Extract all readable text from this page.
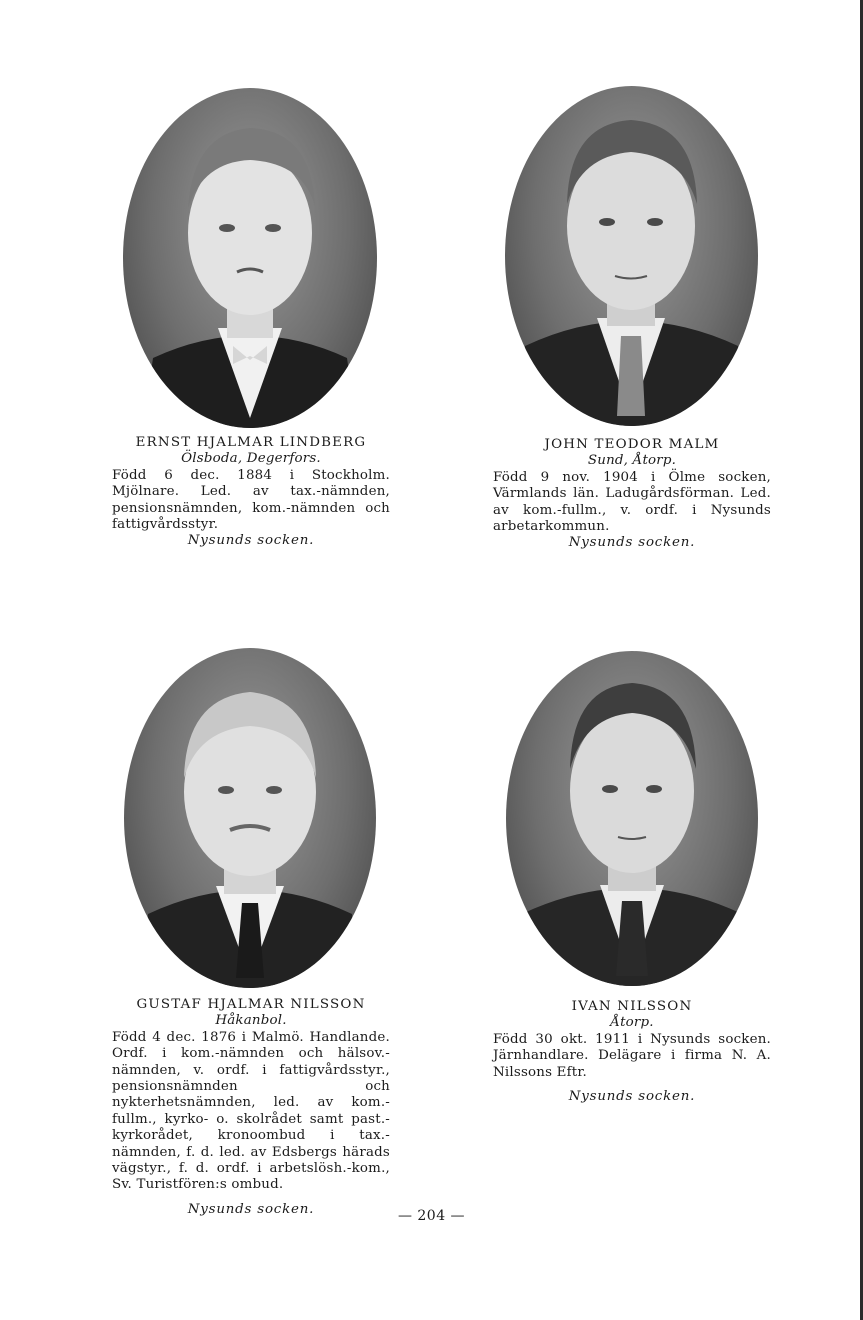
ERNST HJALMAR LINDBERG
Ölsboda, Degerfors.
Född 6 dec. 1884 i Stockholm. Mjölnare. Led. av tax.-nämnden, pensionsnämnden, kom.-nämnden och fattigvårdsstyr.
Nysunds socken.
JOHN TEODOR MALM
Sund, Åtorp.
Född 9 nov. 1904 i Ölme socken, Värmlands län. Ladugårdsförman. Led. av kom.-fullm., v. ordf. i Nysunds arbetarkommun.
Nysunds socken.
GUSTAF HJALMAR NILSSON
Håkanbol.
Född 4 dec. 1876 i Malmö. Handlande. Ordf. i kom.-nämnden och hälsov.-nämnden, v. ordf. i fattigvårdsstyr., pensionsnämnden och nykterhetsnämnden, led. av kom.-fullm., kyrko- o. skolrådet samt past.-kyrkorådet, kronoombud i tax.-nämnden, f. d. led. av Edsbergs härads vägstyr., f. d. ordf. i arbetslösh.-kom., Sv. Turistfören:s ombud.
Nysunds socken.
IVAN NILSSON
Åtorp.
Född 30 okt. 1911 i Nysunds socken. Järnhandlare. Delägare i firma N. A. Nilssons Eftr.
Nysunds socken.
— 204 —
